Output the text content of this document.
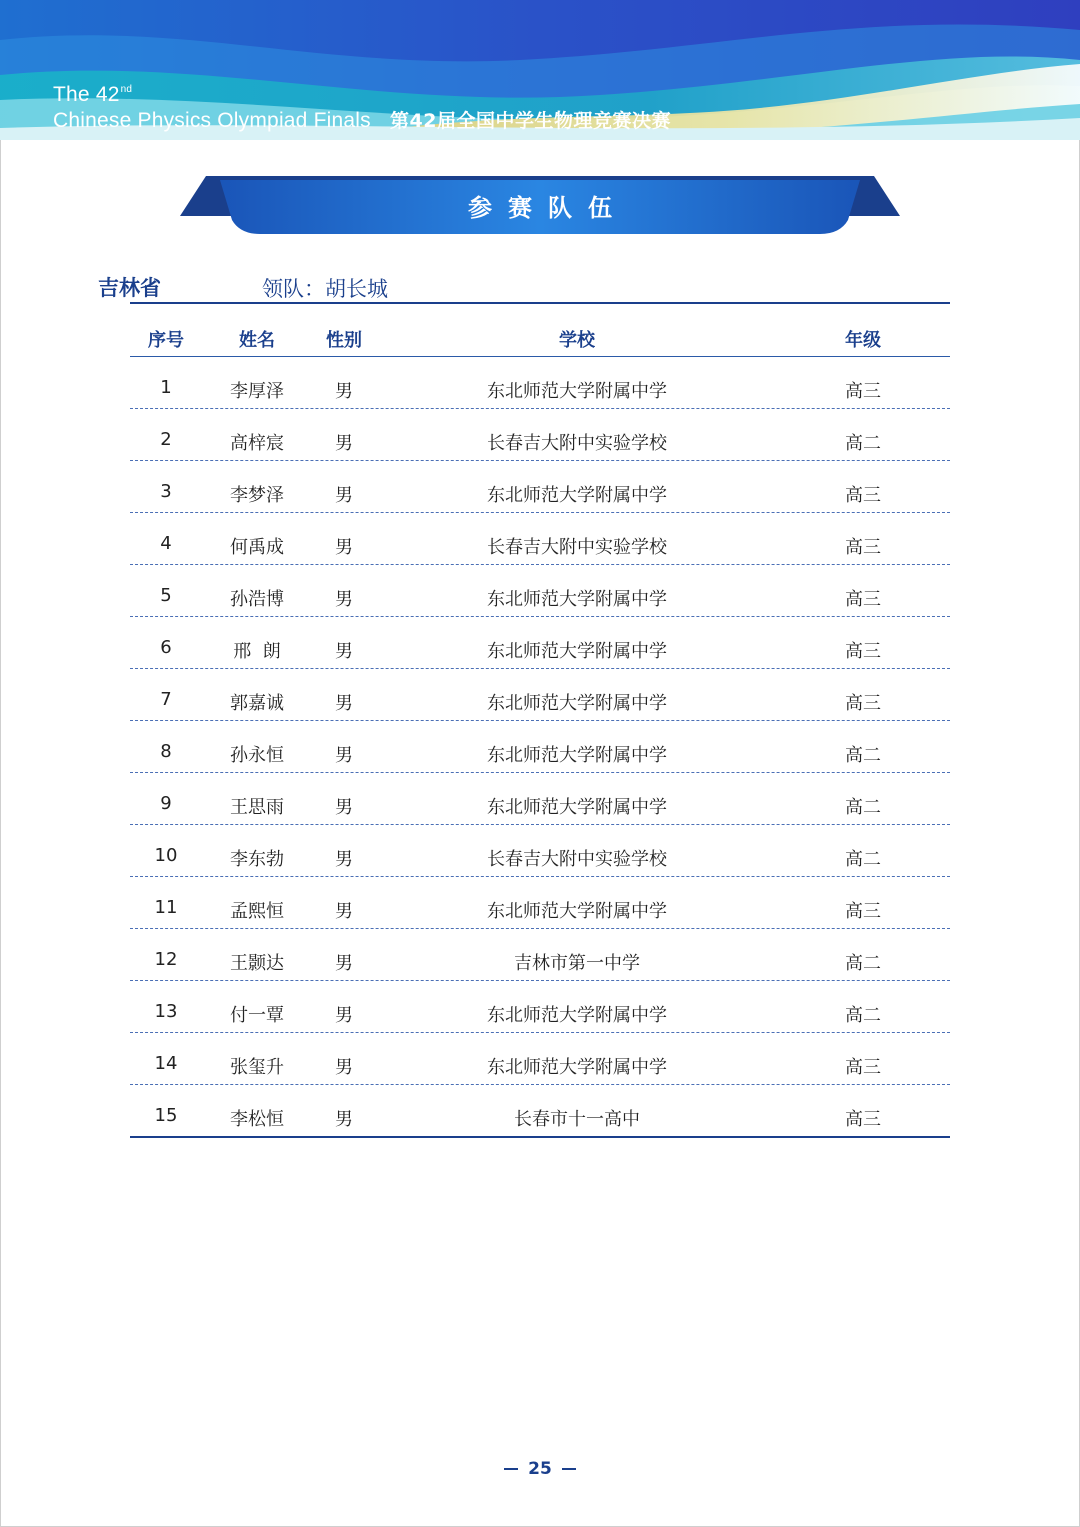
The 42nd
Chinese Physics Olympiad Finals 第42届全国中学生物理竞赛决赛
参赛队伍
吉林省	领队：胡长城
序号	姓名	性别	学校	年级
1	李厚泽	男	东北师范大学附属中学	高三
2	高梓宸	男	长春吉大附中实验学校	高二
3	李梦泽	男	东北师范大学附属中学	高三
4	何禹成	男	长春吉大附中实验学校	高三
5	孙浩博	男	东北师范大学附属中学	高三
6	邢  朗	男	东北师范大学附属中学	高三
7	郭嘉诚	男	东北师范大学附属中学	高三
8	孙永恒	男	东北师范大学附属中学	高二
9	王思雨	男	东北师范大学附属中学	高二
10	李东勃	男	长春吉大附中实验学校	高二
11	孟熙恒	男	东北师范大学附属中学	高三
12	王颢达	男	吉林市第一中学	高二
13	付一覃	男	东北师范大学附属中学	高二
14	张玺升	男	东北师范大学附属中学	高三
15	李松恒	男	长春市十一高中	高三
25
